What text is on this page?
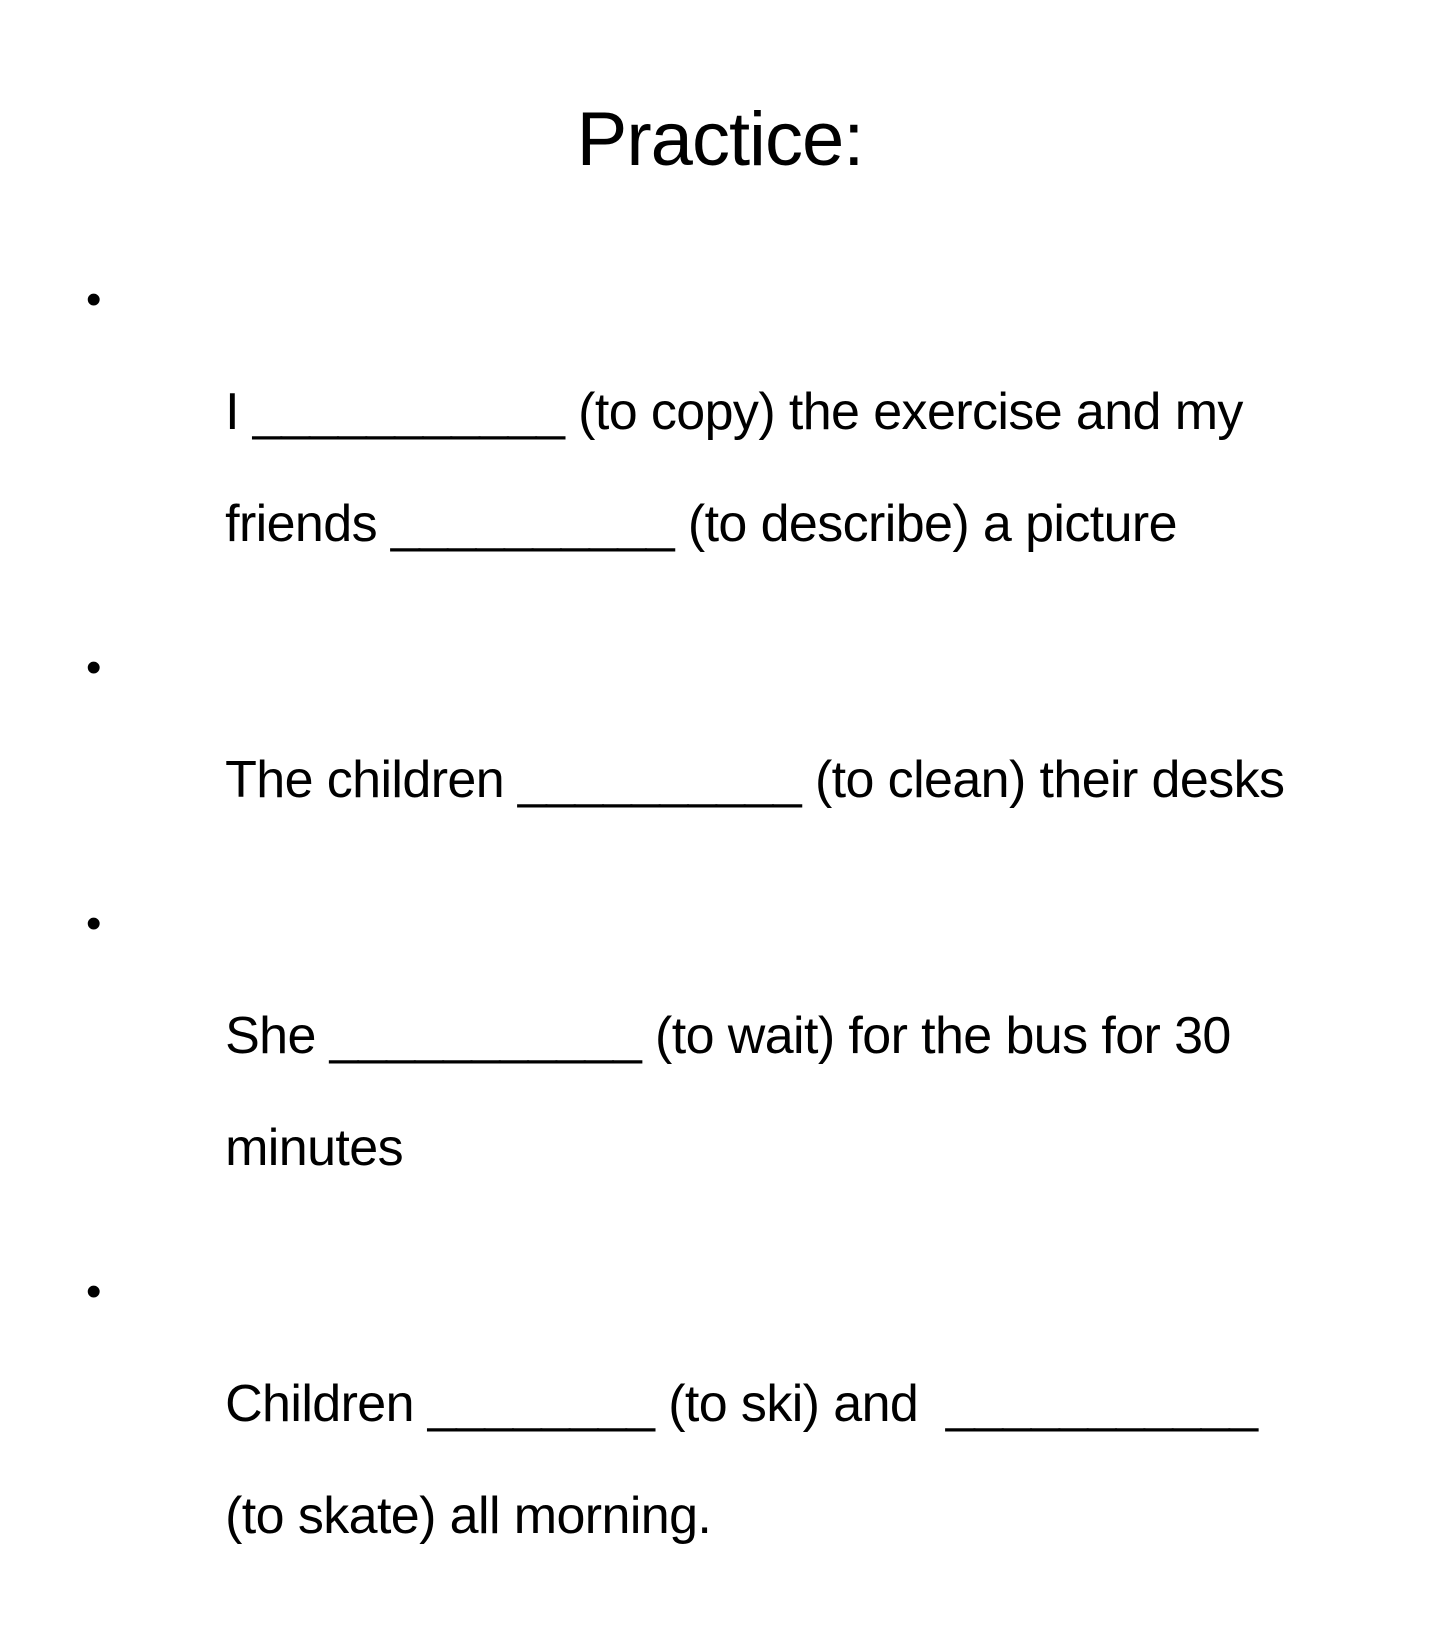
Practice:

•

I ___________ (to copy) the exercise and my

friends __________ (to describe) a picture

•

The children __________ (to clean) their desks

•

She ___________ (to wait) for the bus for 30

minutes

•

Children ________ (to ski) and  ___________

(to skate) all morning.
